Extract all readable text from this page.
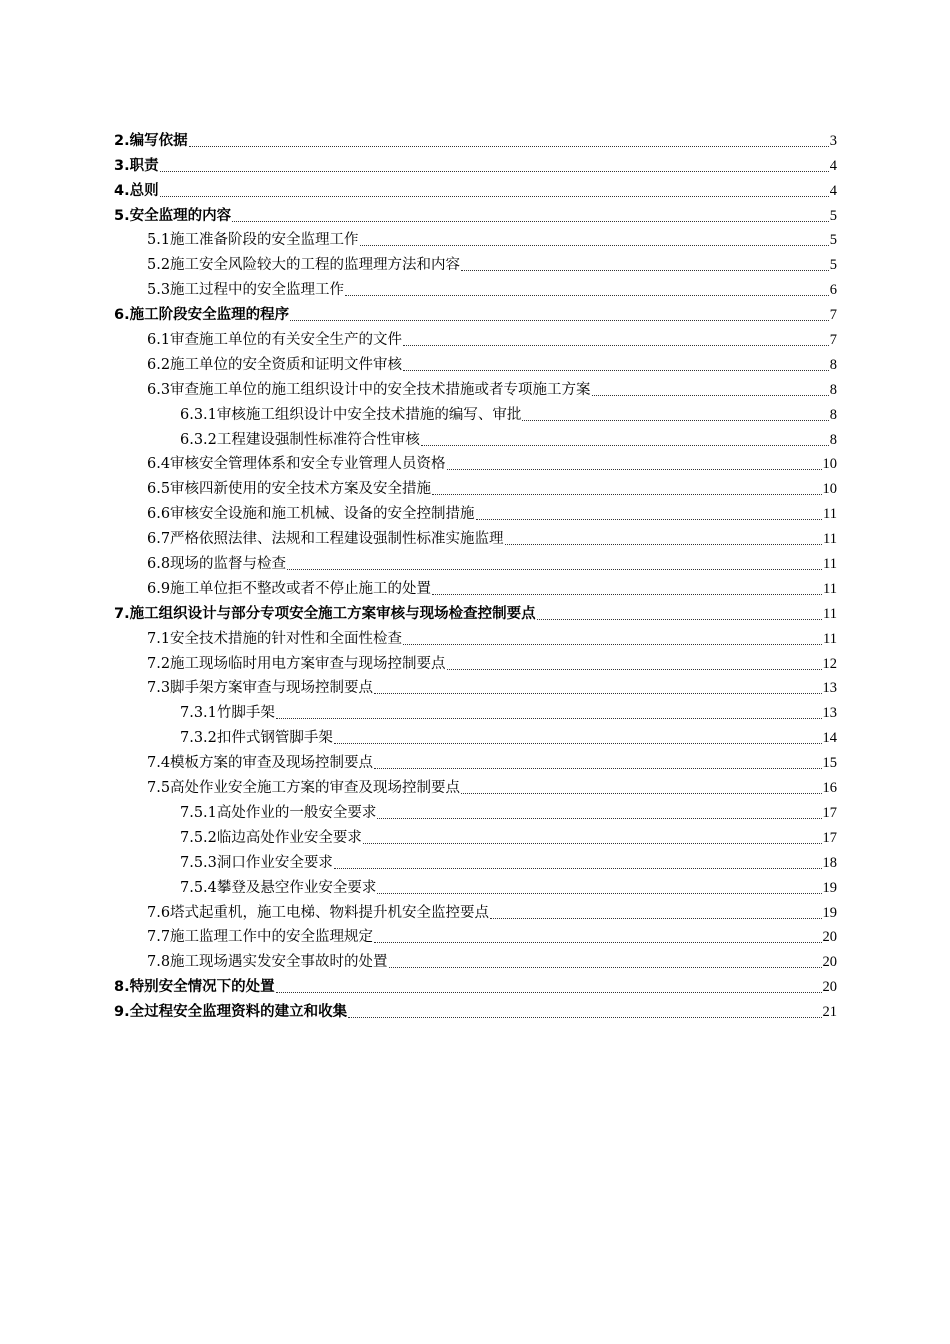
2.编写依据	3
3.职责	4
4.总则	4
5.安全监理的内容	5
5.1施工准备阶段的安全监理工作	5
5.2施工安全风险较大的工程的监理理方法和内容	5
5.3施工过程中的安全监理工作	6
6.施工阶段安全监理的程序	7
6.1审查施工单位的有关安全生产的文件	7
6.2施工单位的安全资质和证明文件审核	8
6.3审查施工单位的施工组织设计中的安全技术措施或者专项施工方案	8
6.3.1审核施工组织设计中安全技术措施的编写、审批	8
6.3.2工程建设强制性标准符合性审核	8
6.4审核安全管理体系和安全专业管理人员资格	10
6.5审核四新使用的安全技术方案及安全措施	10
6.6审核安全设施和施工机械、设备的安全控制措施	11
6.7严格依照法律、法规和工程建设强制性标准实施监理	11
6.8现场的监督与检查	11
6.9施工单位拒不整改或者不停止施工的处置	11
7.施工组织设计与部分专项安全施工方案审核与现场检查控制要点	11
7.1安全技术措施的针对性和全面性检查	11
7.2施工现场临时用电方案审查与现场控制要点	12
7.3脚手架方案审查与现场控制要点	13
7.3.1竹脚手架	13
7.3.2扣件式钢管脚手架	14
7.4模板方案的审查及现场控制要点	15
7.5高处作业安全施工方案的审查及现场控制要点	16
7.5.1高处作业的一般安全要求	17
7.5.2临边高处作业安全要求	17
7.5.3洞口作业安全要求	18
7.5.4攀登及悬空作业安全要求	19
7.6塔式起重机，施工电梯、物料提升机安全监控要点	19
7.7施工监理工作中的安全监理规定	20
7.8施工现场遇实发安全事故时的处置	20
8.特别安全情况下的处置	20
9.全过程安全监理资料的建立和收集	21
